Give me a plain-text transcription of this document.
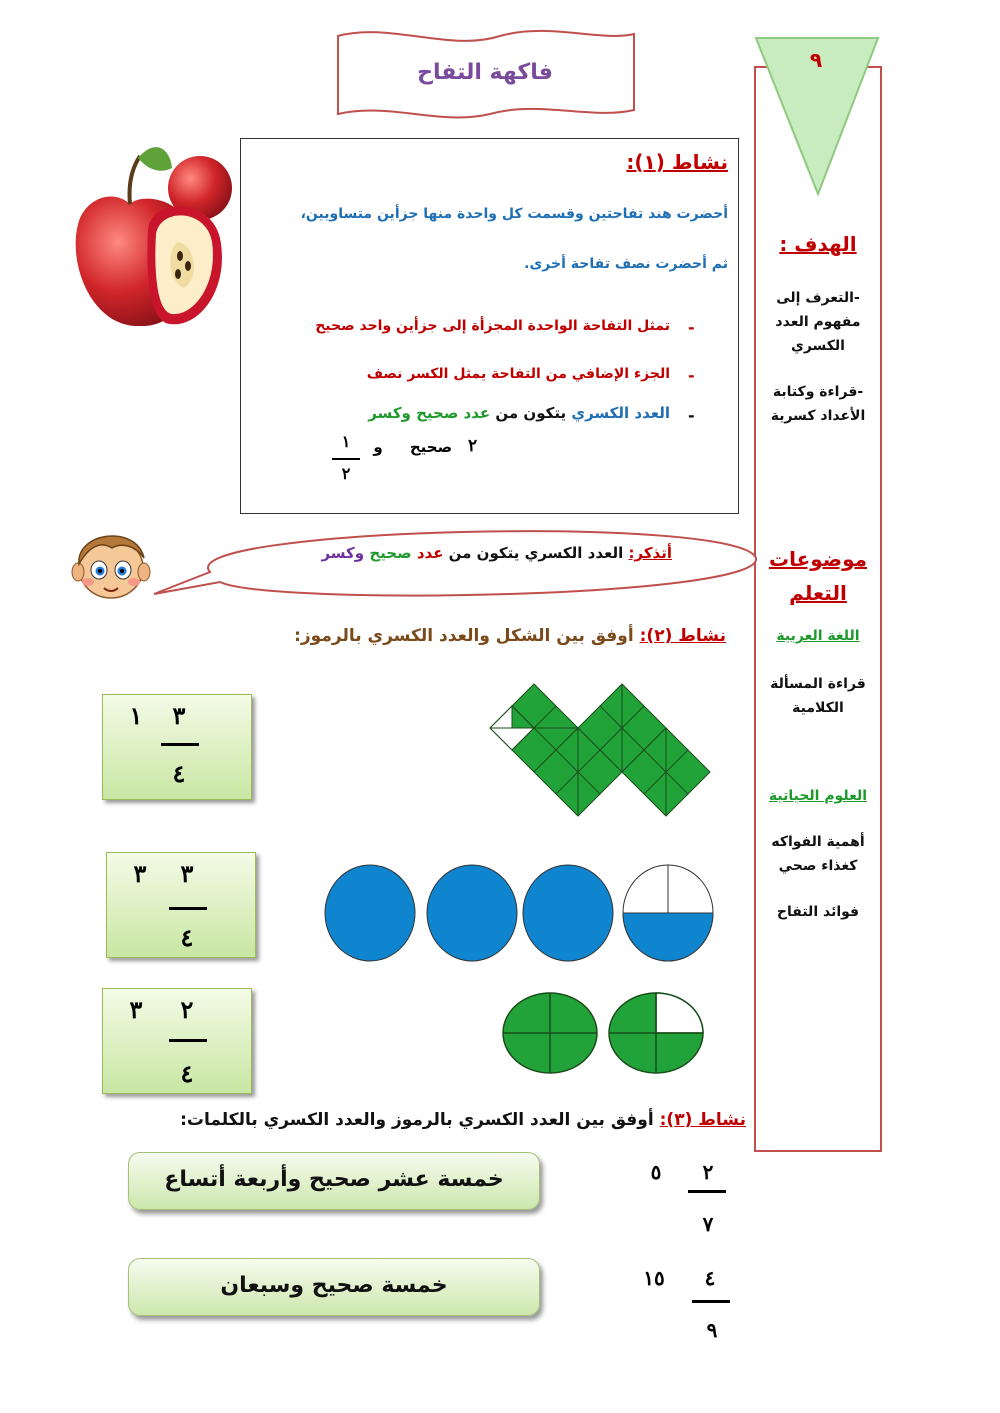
فاكهة التفاح	٩
الهدف :
-التعرف إلى مفهوم العدد الكسري
-قراءة وكتابة الأعداد كسرية
موضوعات التعلم
اللغة العربية
قراءة المسألة الكلامية
العلوم الحياتية
أهمية الفواكه كغذاء صحي
فوائد التفاح
نشاط (١):
أحضرت هند تفاحتين وقسمت كل واحدة منها جزأين متساويين،
ثم أحضرت نصف تفاحة أخرى.
-
تمثل التفاحة الواحدة المجزأة إلى جزأين واحد صحيح
-
الجزء الإضافي من التفاحة يمثل الكسر نصف
-
العدد الكسري يتكون من عدد صحيح وكسر
٢
صحيح
و
١
٢
أتذكر: العدد الكسري يتكون من عدد صحيح وكسر
نشاط (٢): أوفق بين الشكل والعدد الكسري بالرموز:
٣
١
٤
٣
٣
٤
٢
٣
٤
نشاط (٣): أوفق بين العدد الكسري بالرموز والعدد الكسري بالكلمات:
خمسة عشر صحيح وأربعة أتساع
خمسة صحيح وسبعان
٥	٢
٧
١٥	٤
٩
